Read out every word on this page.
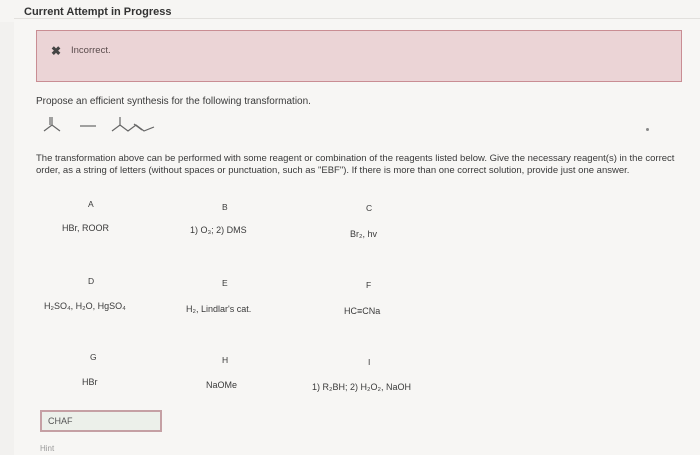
Current Attempt in Progress
✖ Incorrect.
Propose an efficient synthesis for the following transformation.
The transformation above can be performed with some reagent or combination of the reagents listed below. Give the necessary reagent(s) in the correct order, as a string of letters (without spaces or punctuation, such as "EBF"). If there is more than one correct solution, provide just one answer.
A
HBr, ROOR
B
1) O₃; 2) DMS
C
Br₂, hv
D
H₂SO₄, H₂O, HgSO₄
E
H₂, Lindlar's cat.
F
HC≡CNa
G
HBr
H
NaOMe
I
1) R₂BH; 2) H₂O₂, NaOH
CHAF
Hint
